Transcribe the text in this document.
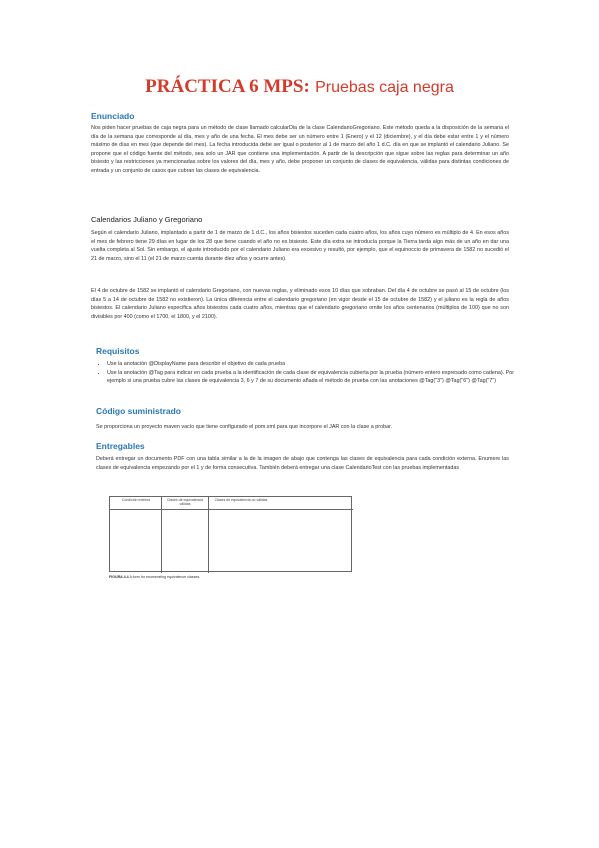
PRÁCTICA 6 MPS: Pruebas caja negra
Enunciado

Nos piden hacer pruebas de caja negra para un método de clase llamado calcularDia de la clase CalendarioGregoriano. Este método queda a la disposición de la semana el día de la semana que corresponde al día, mes y año de una fecha. El mes debe ser un número entre 1 (Enero) y el 12 (diciembre), y el día debe estar entre 1 y el número máximo de días en mes (que depende del mes). La fecha introducida debe ser igual o posterior al 1 de marzo del año 1 d.C. día en que se implantó el calendario Juliano. Se propone que el código fuente del método, sea solo un JAR que contiene una implementación. A partir de la descripción que sigue sobre las reglas para determinar un año bisiesto y las restricciones ya mencionadas sobre los valores del día, mes y año, debe proponer un conjunto de clases de equivalencia, válidas para distintas condiciones de entrada y un conjunto de casos que cubran las clases de equivalencia.

Calendarios Juliano y Gregoriano

Según el calendario Juliano, implantado a partir de 1 de marzo de 1 d.C., los años bisiestos suceden cada cuatro años, los años cuyo número es múltiplo de 4. En esos años el mes de febrero tiene 29 días en lugar de los 28 que tiene cuando el año no es bisiesto. Este día extra se introducía porque la Tierra tarda algo más de un año en dar una vuelta completa al Sol. Sin embargo, el ajuste introducido por el calendario Juliano era excesivo y resultó, por ejemplo, que el equinoccio de primavera de 1582 no sucedió el 21 de marzo, sino el 11 (el 21 de marzo cuenta durante diez años y ocurre antes).

El 4 de octubre de 1582 se implantó el calendario Gregoriano, con nuevas reglas, y eliminado esos 10 días que sobraban. Del día 4 de octubre se pasó al 15 de octubre (los días 5 a 14 de octubre de 1582 no existieron). La única diferencia entre el calendario gregoriano (en vigor desde el 15 de octubre de 1582) y el juliano es la regla de años bisiestos. El calendario Juliano especifica años bisiestos cada cuatro años, mientras que el calendario gregoriano omite los años centenarios (múltiplos de 100) que no son divisibles por 400 (como el 1700, el 1800, y el 2100).

Requisitos
• Use la anotación @DisplayName para describir el objetivo de cada prueba
• Use la anotación @Tag para indicar en cada prueba a la identificación de cada clase de equivalencia cubierta por la prueba (número entero expresado como cadena). Por ejemplo si una prueba cubre las clases de equivalencia 3, 6 y 7 de su documento añada el método de prueba con las anotaciones @Tag("3") @Tag("6") @Tag("7")
Código suministrado

Se proporciona un proyecto maven vacío que tiene configurado el pom.xml para que incorpore el JAR con la clase a probar.

Entregables

Deberá entregar un documento PDF con una tabla similar a la de la imagen de abajo que contenga las clases de equivalencia para cada condición externa. Enumere las clases de equivalencia empezando por el 1 y de forma consecutiva. También deberá entregar una clase CalendarioTest con las pruebas implementadas

Condición externa	Clases de equivalencia válidas
Clases de equivalencia no válidas
FIGURA 4.4 A form for enumerating equivalence classes.
